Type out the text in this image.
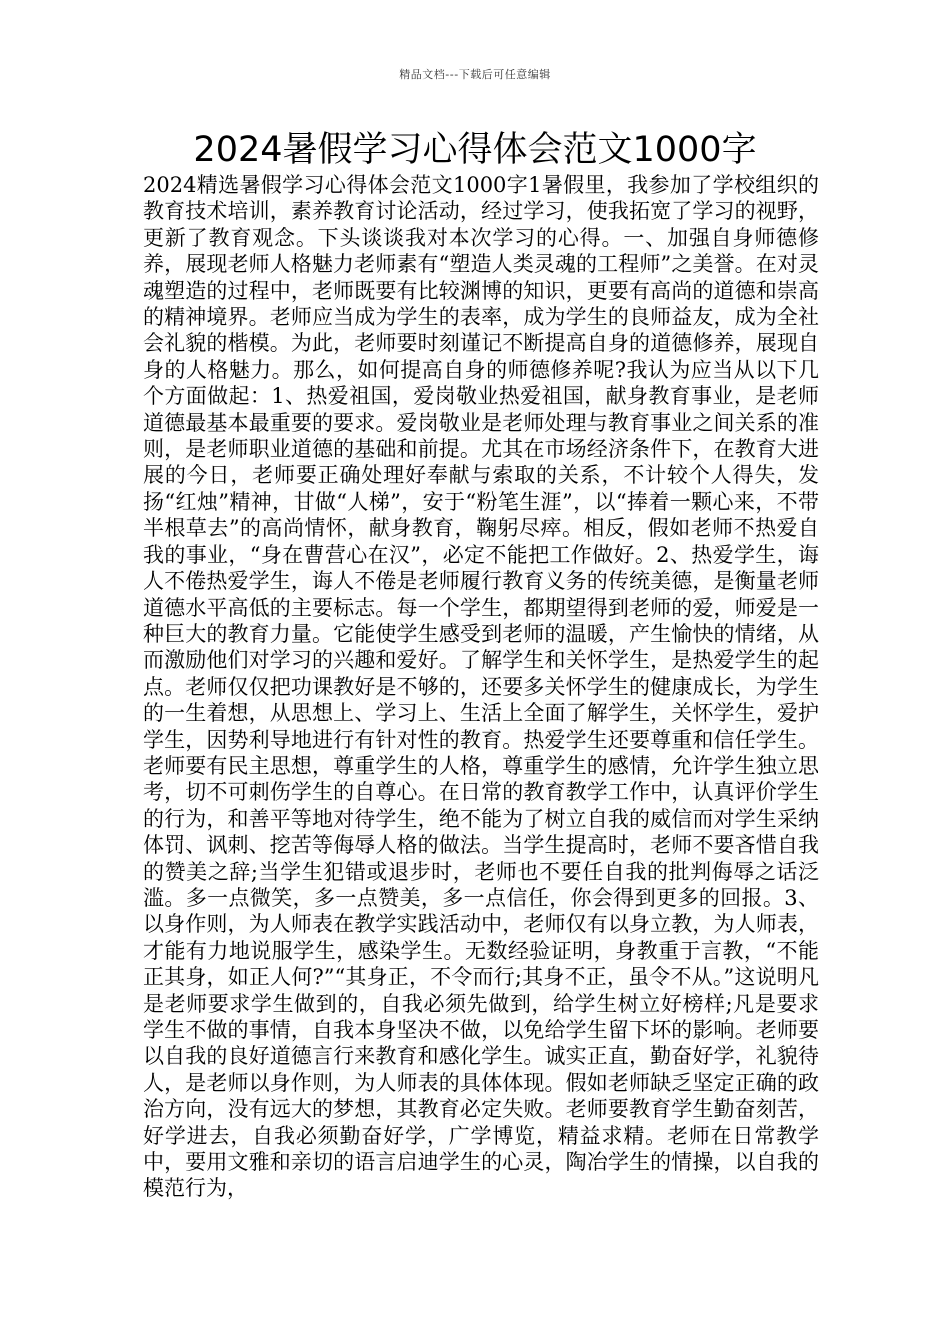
精品文档---下载后可任意编辑
2024暑假学习心得体会范文1000字

2024精选暑假学习心得体会范文1000字1暑假里，我参加了学校组织的教育技术培训，素养教育讨论活动，经过学习，使我拓宽了学习的视野，更新了教育观念。下头谈谈我对本次学习的心得。一、加强自身师德修养，展现老师人格魅力老师素有“塑造人类灵魂的工程师”之美誉。在对灵魂塑造的过程中，老师既要有比较渊博的知识，更要有高尚的道德和崇高的精神境界。老师应当成为学生的表率，成为学生的良师益友，成为全社会礼貌的楷模。为此，老师要时刻谨记不断提高自身的道德修养，展现自身的人格魅力。那么，如何提高自身的师德修养呢?我认为应当从以下几个方面做起：1、热爱祖国，爱岗敬业热爱祖国，献身教育事业，是老师道德最基本最重要的要求。爱岗敬业是老师处理与教育事业之间关系的准则，是老师职业道德的基础和前提。尤其在市场经济条件下，在教育大进展的今日，老师要正确处理好奉献与索取的关系，不计较个人得失，发扬“红烛”精神，甘做“人梯”，安于“粉笔生涯”，以“捧着一颗心来，不带半根草去”的高尚情怀，献身教育，鞠躬尽瘁。相反，假如老师不热爱自我的事业，“身在曹营心在汉”，必定不能把工作做好。2、热爱学生，诲人不倦热爱学生，诲人不倦是老师履行教育义务的传统美德，是衡量老师道德水平高低的主要标志。每一个学生，都期望得到老师的爱，师爱是一种巨大的教育力量。它能使学生感受到老师的温暖，产生愉快的情绪，从而激励他们对学习的兴趣和爱好。了解学生和关怀学生，是热爱学生的起点。老师仅仅把功课教好是不够的，还要多关怀学生的健康成长，为学生的一生着想，从思想上、学习上、生活上全面了解学生，关怀学生，爱护学生，因势利导地进行有针对性的教育。热爱学生还要尊重和信任学生。老师要有民主思想，尊重学生的人格，尊重学生的感情，允许学生独立思考，切不可刺伤学生的自尊心。在日常的教育教学工作中，认真评价学生的行为，和善平等地对待学生，绝不能为了树立自我的威信而对学生采纳体罚、讽刺、挖苦等侮辱人格的做法。当学生提高时，老师不要吝惜自我的赞美之辞;当学生犯错或退步时，老师也不要任自我的批判侮辱之话泛滥。多一点微笑，多一点赞美，多一点信任，你会得到更多的回报。3、以身作则，为人师表在教学实践活动中，老师仅有以身立教，为人师表，才能有力地说服学生，感染学生。无数经验证明，身教重于言教，“不能正其身，如正人何?”“其身正，不令而行;其身不正，虽令不从。”这说明凡是老师要求学生做到的，自我必须先做到，给学生树立好榜样;凡是要求学生不做的事情，自我本身坚决不做，以免给学生留下坏的影响。老师要以自我的良好道德言行来教育和感化学生。诚实正直，勤奋好学，礼貌待人，是老师以身作则，为人师表的具体体现。假如老师缺乏坚定正确的政治方向，没有远大的梦想，其教育必定失败。老师要教育学生勤奋刻苦，好学进去，自我必须勤奋好学，广学博览，精益求精。老师在日常教学中，要用文雅和亲切的语言启迪学生的心灵，陶冶学生的情操，以自我的模范行为，
